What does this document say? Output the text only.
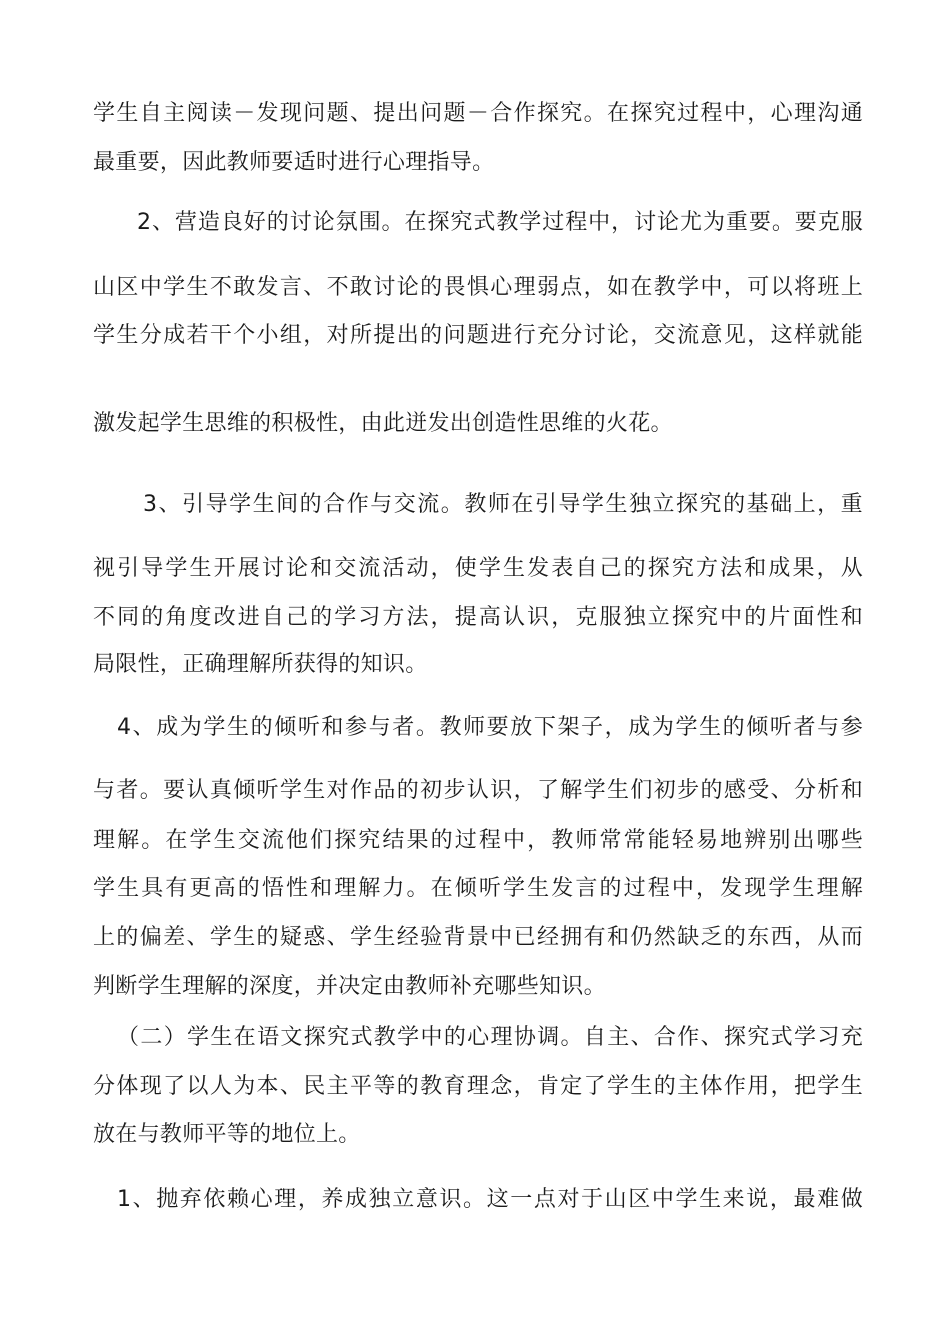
学生自主阅读－发现问题、提出问题－合作探究。在探究过程中，心理沟通
最重要，因此教师要适时进行心理指导。
2、营造良好的讨论氛围。在探究式教学过程中，讨论尤为重要。要克服
山区中学生不敢发言、不敢讨论的畏惧心理弱点，如在教学中，可以将班上
学生分成若干个小组，对所提出的问题进行充分讨论，交流意见，这样就能
激发起学生思维的积极性，由此迸发出创造性思维的火花。
3、引导学生间的合作与交流。教师在引导学生独立探究的基础上，重
视引导学生开展讨论和交流活动，使学生发表自己的探究方法和成果，从
不同的角度改进自己的学习方法，提高认识，克服独立探究中的片面性和
局限性，正确理解所获得的知识。
4、成为学生的倾听和参与者。教师要放下架子，成为学生的倾听者与参
与者。要认真倾听学生对作品的初步认识，了解学生们初步的感受、分析和
理解。在学生交流他们探究结果的过程中，教师常常能轻易地辨别出哪些
学生具有更高的悟性和理解力。在倾听学生发言的过程中，发现学生理解
上的偏差、学生的疑惑、学生经验背景中已经拥有和仍然缺乏的东西，从而
判断学生理解的深度，并决定由教师补充哪些知识。
（二）学生在语文探究式教学中的心理协调。自主、合作、探究式学习充
分体现了以人为本、民主平等的教育理念，肯定了学生的主体作用，把学生
放在与教师平等的地位上。
1、抛弃依赖心理，养成独立意识。这一点对于山区中学生来说，最难做
